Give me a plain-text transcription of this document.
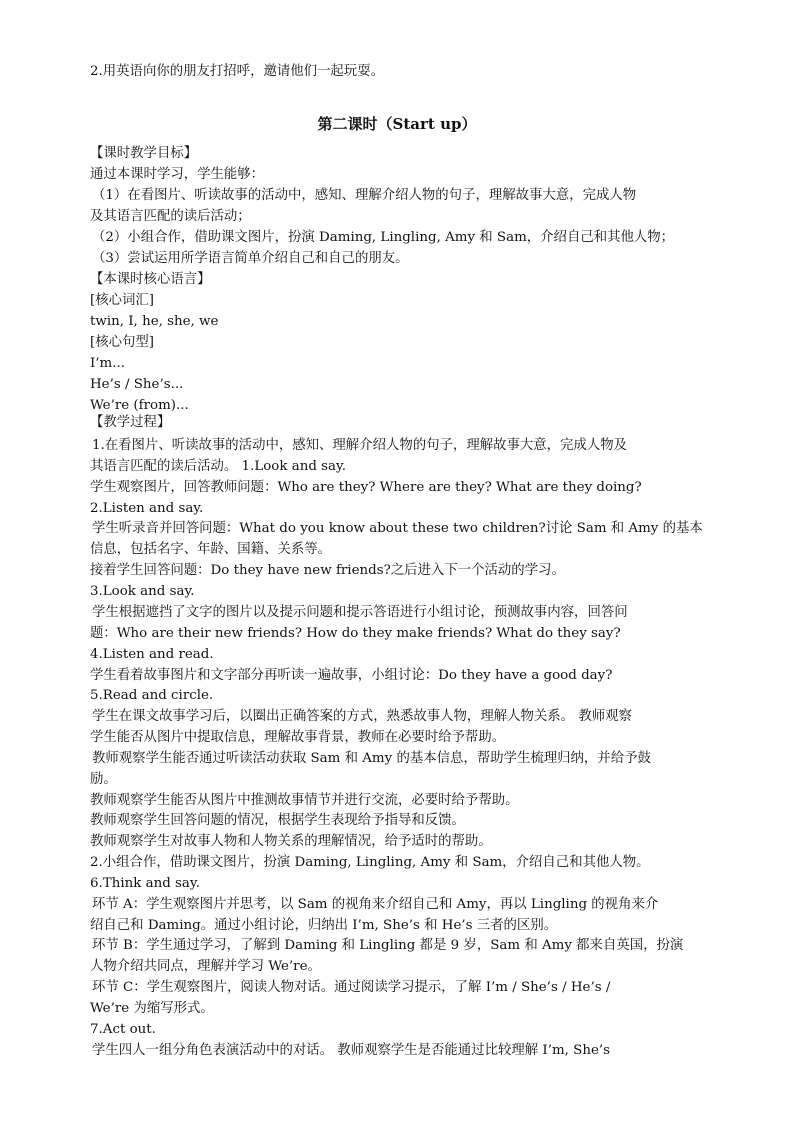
2.用英语向你的朋友打招呼，邀请他们一起玩耍。
第二课时（Start up）
【课时教学目标】
通过本课时学习，学生能够：
（1）在看图片、听读故事的活动中，感知、理解介绍人物的句子，理解故事大意，完成人物
及其语言匹配的读后活动；
（2）小组合作，借助课文图片，扮演 Daming, Lingling, Amy 和 Sam，介绍自己和其他人物；
（3）尝试运用所学语言简单介绍自己和自己的朋友。
【本课时核心语言】
[核心词汇]
twin, I, he, she, we
[核心句型]
I’m...
He’s / She’s...
We’re (from)...
【教学过程】
1.在看图片、听读故事的活动中，感知、理解介绍人物的句子，理解故事大意，完成人物及
其语言匹配的读后活动。 1.Look and say.
学生观察图片，回答教师问题：Who are they? Where are they? What are they doing?
2.Listen and say.
学生听录音并回答问题：What do you know about these two children?讨论 Sam 和 Amy 的基本
信息，包括名字、年龄、国籍、关系等。
接着学生回答问题：Do they have new friends?之后进入下一个活动的学习。
3.Look and say.
学生根据遮挡了文字的图片以及提示问题和提示答语进行小组讨论，预测故事内容，回答问
题：Who are their new friends? How do they make friends? What do they say?
4.Listen and read.
学生看着故事图片和文字部分再听读一遍故事，小组讨论：Do they have a good day?
5.Read and circle.
学生在课文故事学习后，以圈出正确答案的方式，熟悉故事人物，理解人物关系。 教师观察
学生能否从图片中提取信息，理解故事背景，教师在必要时给予帮助。
教师观察学生能否通过听读活动获取 Sam 和 Amy 的基本信息，帮助学生梳理归纳，并给予鼓
励。
教师观察学生能否从图片中推测故事情节并进行交流，必要时给予帮助。
教师观察学生回答问题的情况，根据学生表现给予指导和反馈。
教师观察学生对故事人物和人物关系的理解情况，给予适时的帮助。
2.小组合作，借助课文图片，扮演 Daming, Lingling, Amy 和 Sam，介绍自己和其他人物。
6.Think and say.
环节 A：学生观察图片并思考，以 Sam 的视角来介绍自己和 Amy，再以 Lingling 的视角来介
绍自己和 Daming。通过小组讨论，归纳出 I’m, She’s 和 He’s 三者的区别。
环节 B：学生通过学习，了解到 Daming 和 Lingling 都是 9 岁，Sam 和 Amy 都来自英国，扮演
人物介绍共同点，理解并学习 We’re。
环节 C：学生观察图片，阅读人物对话。通过阅读学习提示，了解 I’m / She’s / He’s /
We’re 为缩写形式。
7.Act out.
学生四人一组分角色表演活动中的对话。 教师观察学生是否能通过比较理解 I’m, She’s
